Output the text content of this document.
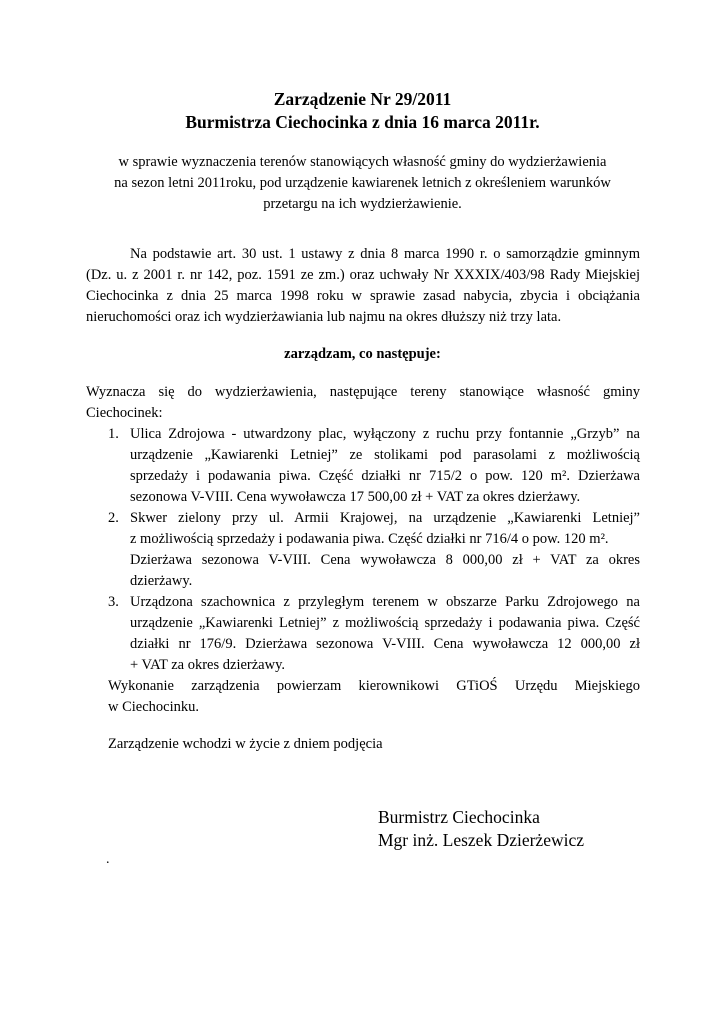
Zarządzenie Nr 29/2011
Burmistrza Ciechocinka z dnia 16 marca 2011r.
w sprawie wyznaczenia terenów stanowiących własność gminy do wydzierżawienia
na sezon letni 2011roku, pod urządzenie kawiarenek letnich z określeniem warunków
przetargu na ich wydzierżawienie.
Na podstawie art. 30 ust. 1 ustawy z dnia 8 marca 1990 r. o samorządzie gminnym
(Dz. u. z 2001 r. nr 142, poz. 1591 ze zm.) oraz uchwały Nr XXXIX/403/98 Rady Miejskiej
Ciechocinka z dnia 25 marca 1998 roku w sprawie zasad nabycia, zbycia i obciążania
nieruchomości oraz ich wydzierżawiania lub najmu na okres dłuższy niż trzy lata.
zarządzam, co następuje:
Wyznacza się do wydzierżawienia, następujące tereny stanowiące własność gminy
Ciechocinek:
1. Ulica Zdrojowa - utwardzony plac, wyłączony z ruchu przy fontannie „Grzyb” na
urządzenie „Kawiarenki Letniej” ze stolikami pod parasolami z możliwością
sprzedaży i podawania piwa. Część działki nr 715/2 o pow. 120 m². Dzierżawa
sezonowa V-VIII. Cena wywoławcza 17 500,00 zł + VAT za okres dzierżawy.
2. Skwer zielony przy ul. Armii Krajowej, na urządzenie „Kawiarenki Letniej”
z możliwością sprzedaży i podawania piwa. Część działki nr 716/4 o pow. 120 m².
Dzierżawa sezonowa V-VIII. Cena wywoławcza 8 000,00 zł + VAT za okres
dzierżawy.
3. Urządzona szachownica z przyległym terenem w obszarze Parku Zdrojowego na
urządzenie „Kawiarenki Letniej” z możliwością sprzedaży i podawania piwa. Część
działki nr 176/9. Dzierżawa sezonowa V-VIII. Cena wywoławcza 12 000,00 zł
+ VAT za okres dzierżawy.
Wykonanie zarządzenia powierzam kierownikowi GTiOŚ Urzędu Miejskiego
w Ciechocinku.
Zarządzenie wchodzi w życie z dniem podjęcia
Burmistrz Ciechocinka
Mgr inż. Leszek Dzierżewicz
.
